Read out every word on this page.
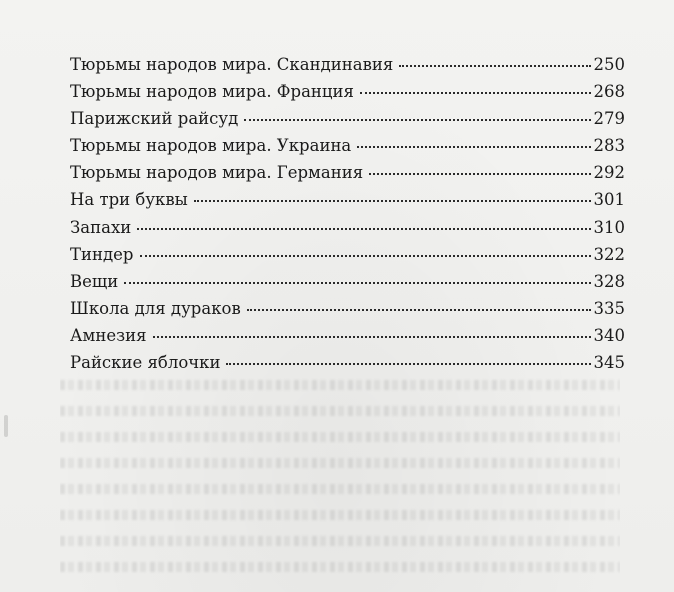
Тюрьмы народов мира. Скандинавия	250
Тюрьмы народов мира. Франция	268
Парижский райсуд	279
Тюрьмы народов мира. Украина	283
Тюрьмы народов мира. Германия	292
На три буквы	301
Запахи	310
Тиндер	322
Вещи	328
Школа для дураков	335
Амнезия	340
Райские яблочки	345
